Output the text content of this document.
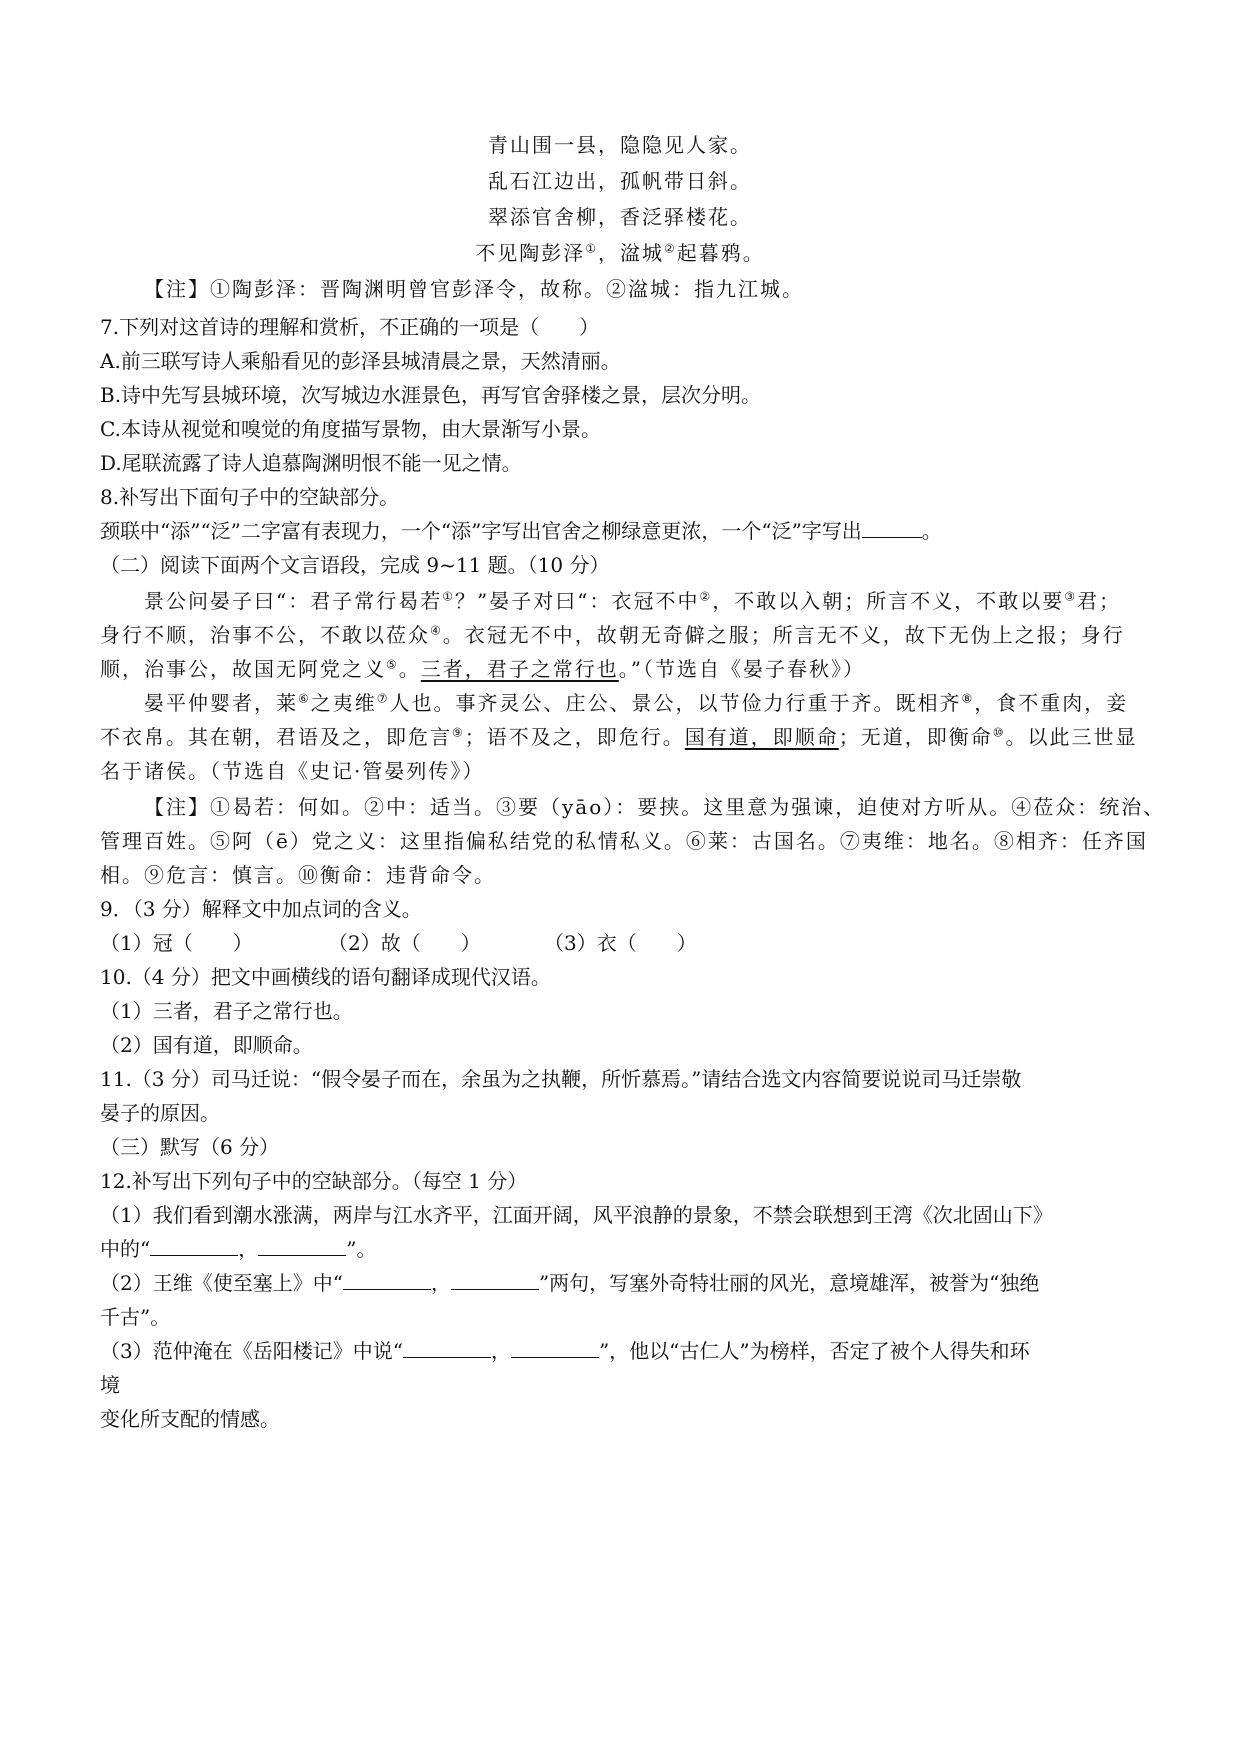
青山围一县，隐隐见人家。
乱石江边出，孤帆带日斜。
翠添官舍柳，香泛驿楼花。
不见陶彭泽①，湓城②起暮鸦。
【注】①陶彭泽：晋陶渊明曾官彭泽令，故称。②湓城：指九江城。
7.下列对这首诗的理解和赏析，不正确的一项是（　　）
A.前三联写诗人乘船看见的彭泽县城清晨之景，天然清丽。
B.诗中先写县城环境，次写城边水涯景色，再写官舍驿楼之景，层次分明。
C.本诗从视觉和嗅觉的角度描写景物，由大景渐写小景。
D.尾联流露了诗人追慕陶渊明恨不能一见之情。
8.补写出下面句子中的空缺部分。
颈联中“添”“泛”二字富有表现力，一个“添”字写出官舍之柳绿意更浓，一个“泛”字写出	。
（二）阅读下面两个文言语段，完成 9~11 题。（10 分）
景公问晏子曰“：君子常行曷若①？”晏子对曰“：衣冠不中②，不敢以入朝；所言不义，不敢以要③君；
身行不顺，治事不公，不敢以莅众④。衣冠无不中，故朝无奇僻之服；所言无不义，故下无伪上之报；身行
顺，治事公，故国无阿党之义⑤。三者，君子之常行也。”（节选自《晏子春秋》）
晏平仲婴者，莱⑥之夷维⑦人也。事齐灵公、庄公、景公，以节俭力行重于齐。既相齐⑧，食不重肉，妾
不衣帛。其在朝，君语及之，即危言⑨；语不及之，即危行。国有道，即顺命；无道，即衡命⑩。以此三世显
名于诸侯。（节选自《史记·管晏列传》）
【注】①曷若：何如。②中：适当。③要（yāo）：要挟。这里意为强谏，迫使对方听从。④莅众：统治、
管理百姓。⑤阿（ē）党之义：这里指偏私结党的私情私义。⑥莱：古国名。⑦夷维：地名。⑧相齐：任齐国
相。⑨危言：慎言。⑩衡命：违背命令。
9．（3 分）解释文中加点词的含义。
（1）冠（　　）	（2）故（　　）	（3）衣（　　）
10.（4 分）把文中画横线的语句翻译成现代汉语。
（1）三者，君子之常行也。
（2）国有道，即顺命。
11.（3 分）司马迁说：“假令晏子而在，余虽为之执鞭，所忻慕焉。”请结合选文内容简要说说司马迁崇敬
晏子的原因。
（三）默写（6 分）
12.补写出下列句子中的空缺部分。（每空 1 分）
（1）我们看到潮水涨满，两岸与江水齐平，江面开阔，风平浪静的景象，不禁会联想到王湾《次北固山下》
中的“	，	”。
（2）王维《使至塞上》中“	，	”两句，写塞外奇特壮丽的风光，意境雄浑，被誉为“独绝
千古”。
（3）范仲淹在《岳阳楼记》中说“	，	”，他以“古仁人”为榜样，否定了被个人得失和环
境
变化所支配的情感。
